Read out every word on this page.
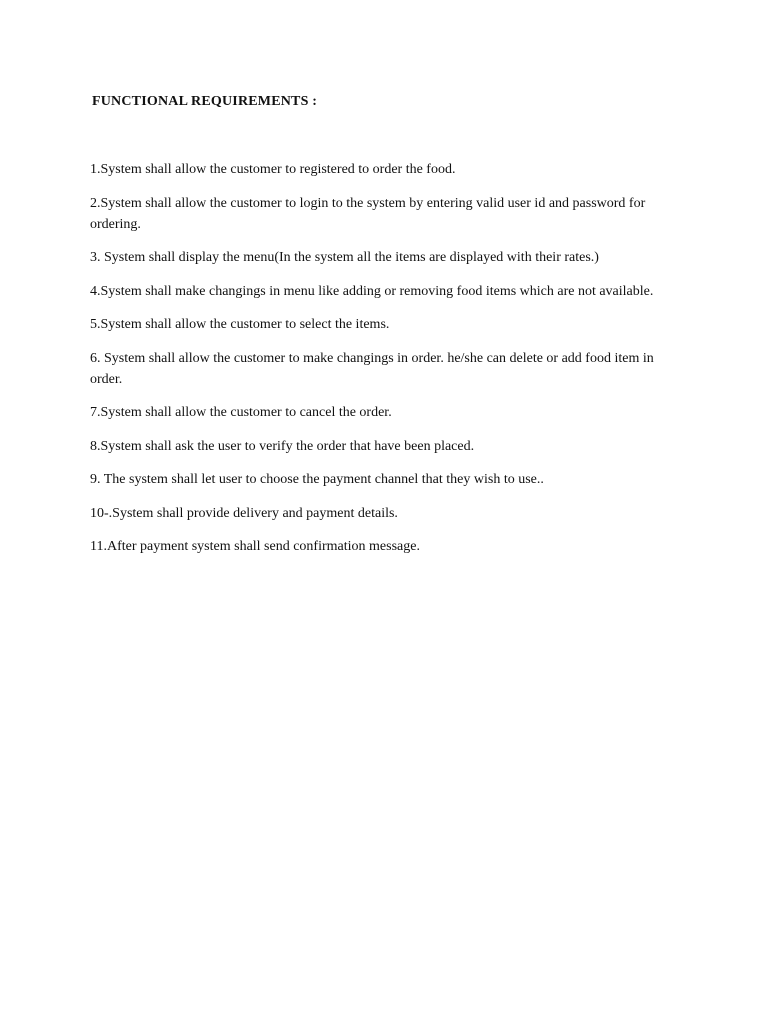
FUNCTIONAL REQUIREMENTS :
1.System shall allow the customer to registered to order the food.
2.System shall allow the customer to login to the system by entering valid user id and password for ordering.
3. System shall display the menu(In the system all the items are displayed with their rates.)
4.System shall make changings in menu like adding or removing food items which are not available.
5.System shall allow the customer to select the items.
6. System shall allow the customer to make changings in order. he/she can delete or add food item in order.
7.System shall allow the customer to cancel the order.
8.System shall ask the user to verify the order that have been placed.
9. The system shall let user to choose the payment channel that they wish to use..
10-.System shall provide delivery and payment details.
11.After payment system shall send confirmation message.
